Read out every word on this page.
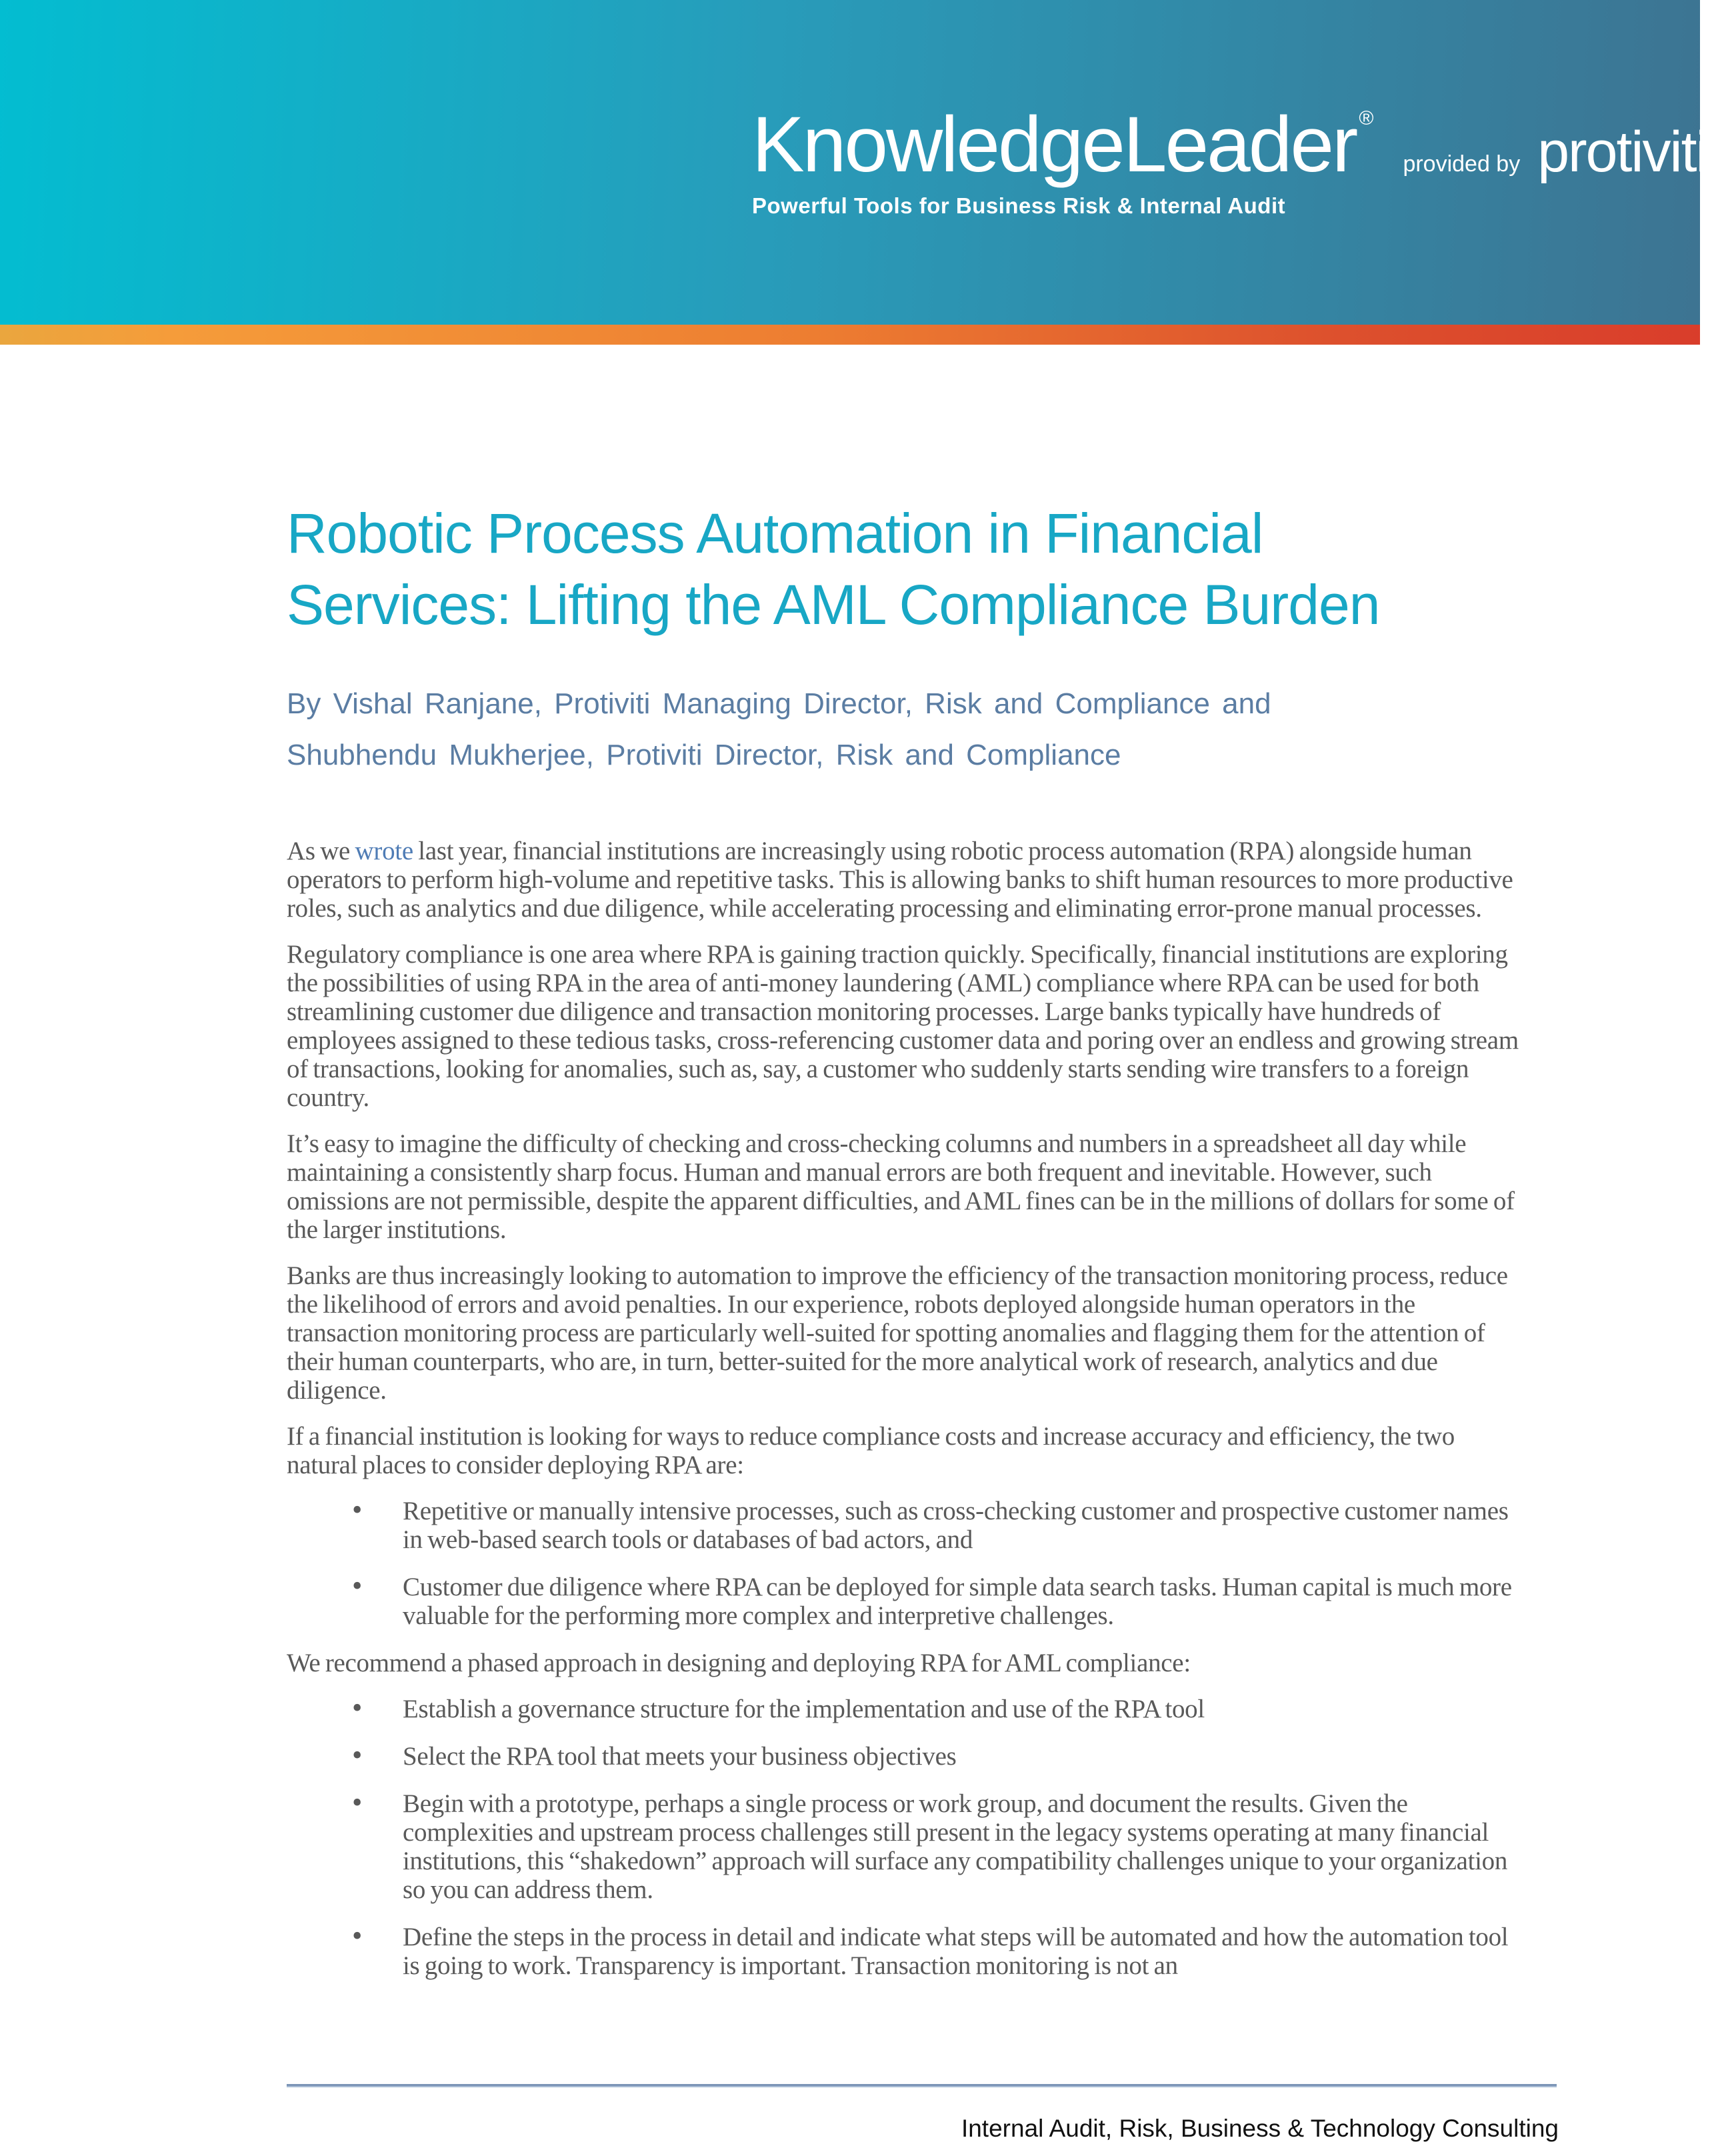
KnowledgeLeader ®
provided by protiviti ®
Powerful Tools for Business Risk & Internal Audit
Robotic Process Automation in Financial
Services: Lifting the AML Compliance Burden
By Vishal Ranjane, Protiviti Managing Director, Risk and Compliance and
Shubhendu Mukherjee, Protiviti Director, Risk and Compliance

As we wrote last year, financial institutions are increasingly using robotic process automation (RPA) alongside human operators to perform high-volume and repetitive tasks. This is allowing banks to shift human resources to more productive roles, such as analytics and due diligence, while accelerating processing and eliminating error-prone manual processes.

Regulatory compliance is one area where RPA is gaining traction quickly. Specifically, financial institutions are exploring the possibilities of using RPA in the area of anti-money laundering (AML) compliance where RPA can be used for both streamlining customer due diligence and transaction monitoring processes. Large banks typically have hundreds of employees assigned to these tedious tasks, cross-referencing customer data and poring over an endless and growing stream of transactions, looking for anomalies, such as, say, a customer who suddenly starts sending wire transfers to a foreign country.

It’s easy to imagine the difficulty of checking and cross-checking columns and numbers in a spreadsheet all day while maintaining a consistently sharp focus. Human and manual errors are both frequent and inevitable. However, such omissions are not permissible, despite the apparent difficulties, and AML fines can be in the millions of dollars for some of the larger institutions.

Banks are thus increasingly looking to automation to improve the efficiency of the transaction monitoring process, reduce the likelihood of errors and avoid penalties. In our experience, robots deployed alongside human operators in the transaction monitoring process are particularly well-suited for spotting anomalies and flagging them for the attention of their human counterparts, who are, in turn, better-suited for the more analytical work of research, analytics and due diligence.

If a financial institution is looking for ways to reduce compliance costs and increase accuracy and efficiency, the two natural places to consider deploying RPA are:

• Repetitive or manually intensive processes, such as cross-checking customer and prospective customer names in web-based search tools or databases of bad actors, and
• Customer due diligence where RPA can be deployed for simple data search tasks. Human capital is much more valuable for the performing more complex and interpretive challenges.

We recommend a phased approach in designing and deploying RPA for AML compliance:

• Establish a governance structure for the implementation and use of the RPA tool
• Select the RPA tool that meets your business objectives
• Begin with a prototype, perhaps a single process or work group, and document the results. Given the complexities and upstream process challenges still present in the legacy systems operating at many financial institutions, this “shakedown” approach will surface any compatibility challenges unique to your organization so you can address them.
• Define the steps in the process in detail and indicate what steps will be automated and how the automation tool is going to work. Transparency is important. Transaction monitoring is not an
Internal Audit, Risk, Business & Technology Consulting
